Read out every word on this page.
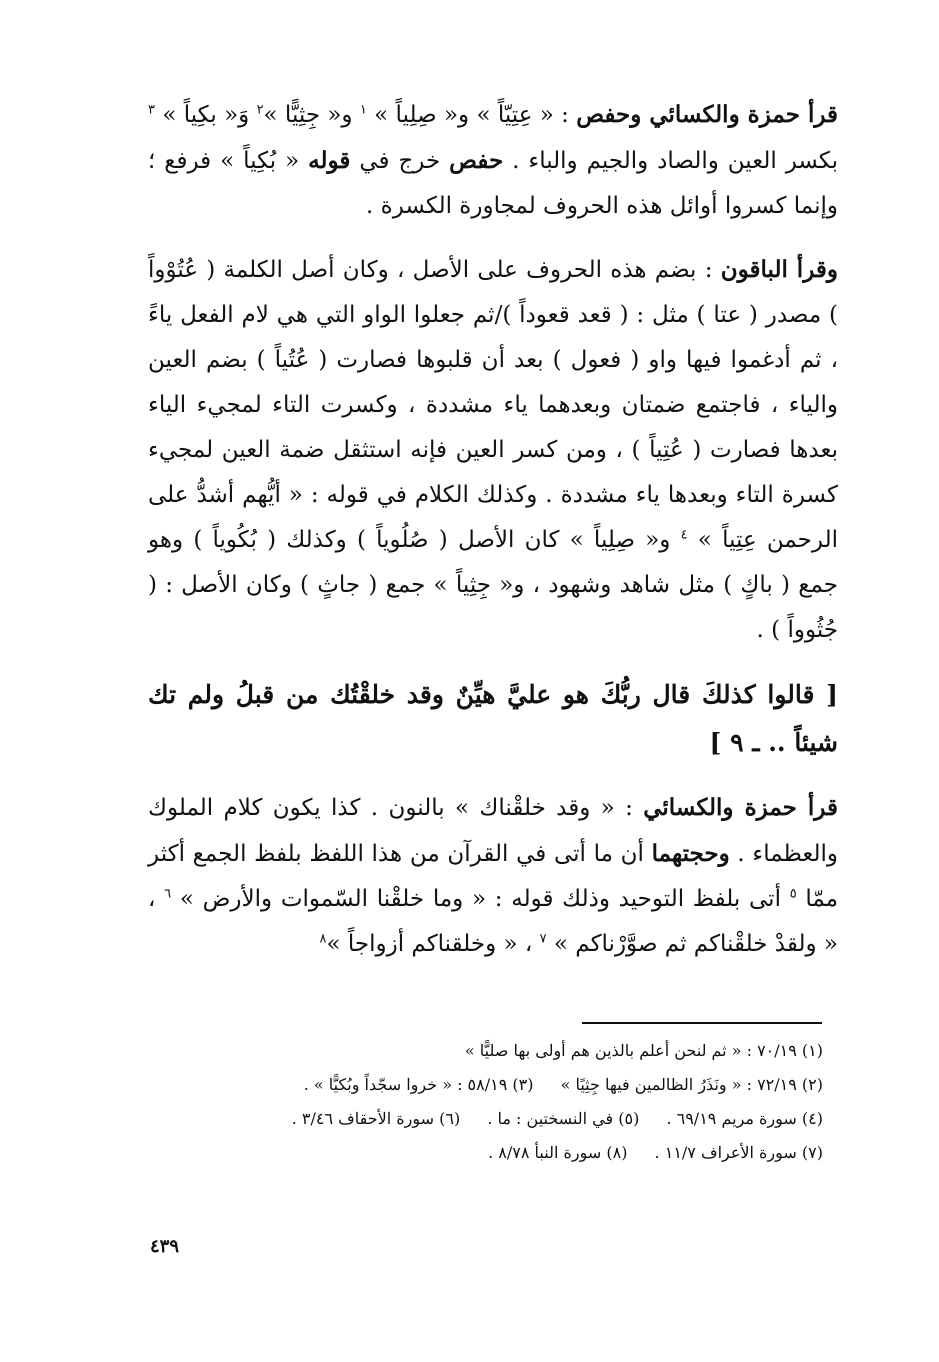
قرأ حمزة والكسائي وحفص : « عِتِيّاً » و« صِلِياً » $^١$ و« جِثِيًّا »$^٢$ وَ« بكِياً » $^٣$ بكسر العين والصاد والجيم والباء . حفص خرج في قوله « بُكِياً » فرفع ؛ وإنما كسروا أوائل هذه الحروف لمجاورة الكسرة .

وقرأ الباقون : بضم هذه الحروف على الأصل ، وكان أصل الكلمة ( عُتُوْواً ) مصدر ( عتا ) مثل : ( قعد قعوداً )/ثم جعلوا الواو التي هي لام الفعل ياءً ، ثم أدغموا فيها واو ( فعول ) بعد أن قلبوها فصارت ( عُتُياً ) بضم العين والياء ، فاجتمع ضمتان وبعدهما ياء مشددة ، وكسرت التاء لمجيء الياء بعدها فصارت ( عُتِياً ) ، ومن كسر العين فإنه استثقل ضمة العين لمجيء كسرة التاء وبعدها ياء مشددة . وكذلك الكلام في قوله : « أيُّهم أشدُّ على الرحمن عِتِياً » $^٤$ و« صِلِياً » كان الأصل ( صُلُوياً ) وكذلك ( بُكُوياً ) وهو جمع ( باكٍ ) مثل شاهد وشهود ، و« جِثِياً » جمع ( جاثٍ ) وكان الأصل : ( جُثُوواً ) .

[ قالوا كذلكَ قال ربُّكَ هو عليَّ هيِّنٌ وقد خلقْتُك من قبلُ ولم تك شيئاً .. ـ ٩ ]

قرأ حمزة والكسائي : « وقد خلقْناك » بالنون . كذا يكون كلام الملوك والعظماء . وحجتهما أن ما أتى في القرآن من هذا اللفظ بلفظ الجمع أكثر ممّا $^٥$ أتى بلفظ التوحيد وذلك قوله : « وما خلقْنا السّموات والأرض » $^٦$ ، « ولقدْ خلقْناكم ثم صوَّرْناكم » $^٧$ ، « وخلقناكم أزواجاً »$^٨$

(١) ٧٠/١٩ : « ثم لنحن أعلم بالذين هم أولى بها صليًّا »

(٢) ٧٢/١٩ : « ونَذَرُ الظالمين فيها جِثِيًا » (٣) ٥٨/١٩ : « خروا سجّداً وبُكيًّا » .

(٤) سورة مريم ٦٩/١٩ . (٥) في النسختين : ما . (٦) سورة الأحقاف ٣/٤٦ .

(٧) سورة الأعراف ١١/٧ . (٨) سورة النبأ ٨/٧٨ .

٤٣٩
